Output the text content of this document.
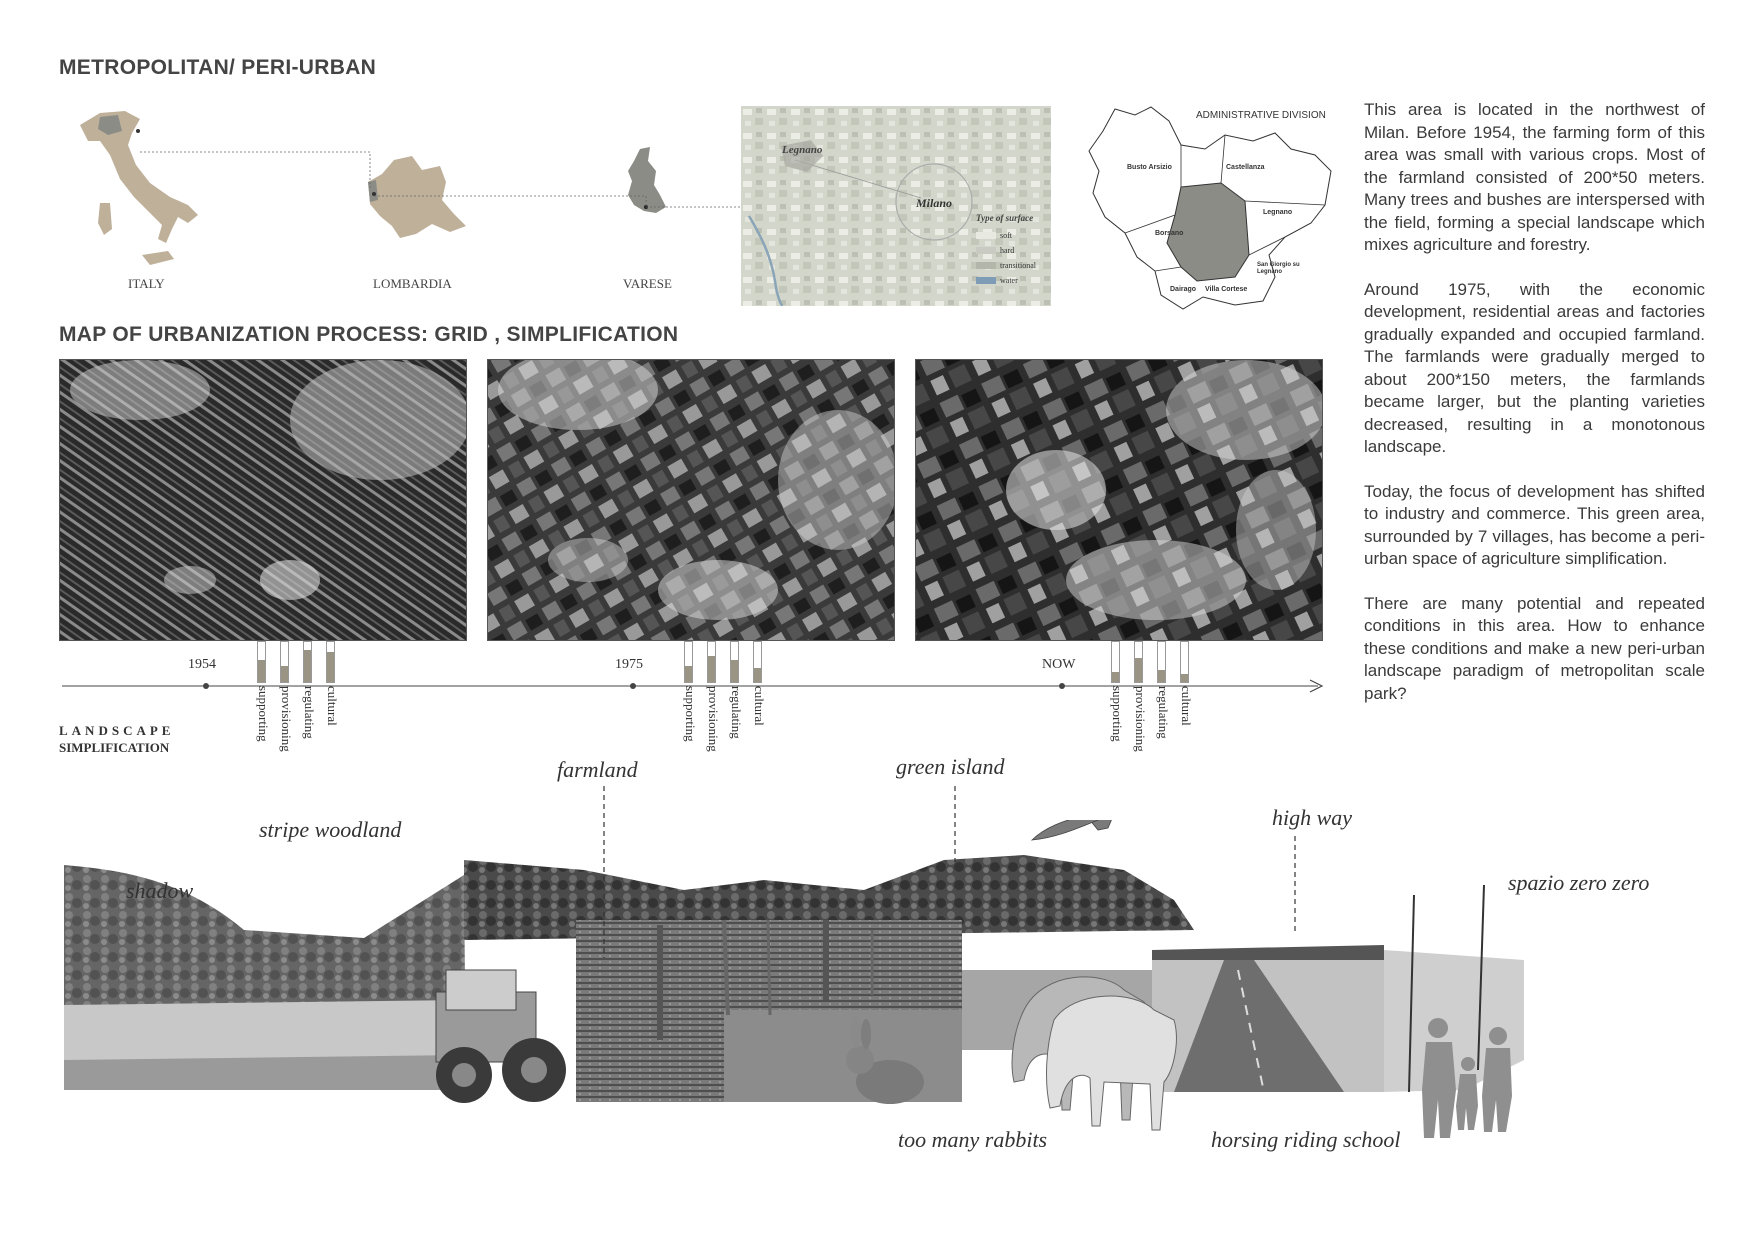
METROPOLITAN/ PERI-URBAN
MAP OF URBANIZATION PROCESS: GRID , SIMPLIFICATION
ITALY	LOMBARDIA	VARESE
Legnano
Milano
Type of surface
soft
hard
transitional
water
ADMINISTRATIVE DIVISION
Busto Arsizio	Castellanza
Legnano
Borsano
San Giorgio su Legnano
Dairago Villa Cortese

This area is located in the northwest of Milan. Before 1954, the farming form of this area was small with various crops. Most of the farmland consisted of 200*50 meters. Many trees and bushes are interspersed with the field, forming a special landscape which mixes agriculture and forestry.

Around 1975, with the economic development, residential areas and factories gradually expanded and occupied farmland. The farmlands were gradually merged to about 200*150 meters, the farmlands became larger, but the planting varieties decreased, resulting in a monotonous landscape.

Today, the focus of development has shifted to industry and commerce. This green area, surrounded by 7 villages, has become a peri-urban space of agriculture simplification.

There are many potential and repeated conditions in this area. How to enhance these conditions and make a new peri-urban landscape paradigm of metropolitan scale park?

1954	1975	NOW
supporting provisioning regulating cultural	supporting provisioning regulating cultural	supporting provisioning regulating cultural
LANDSCAPE
SIMPLIFICATION
farmland	green island
stripe woodland
shadow
high way
spazio zero zero
too many rabbits	horsing riding school
